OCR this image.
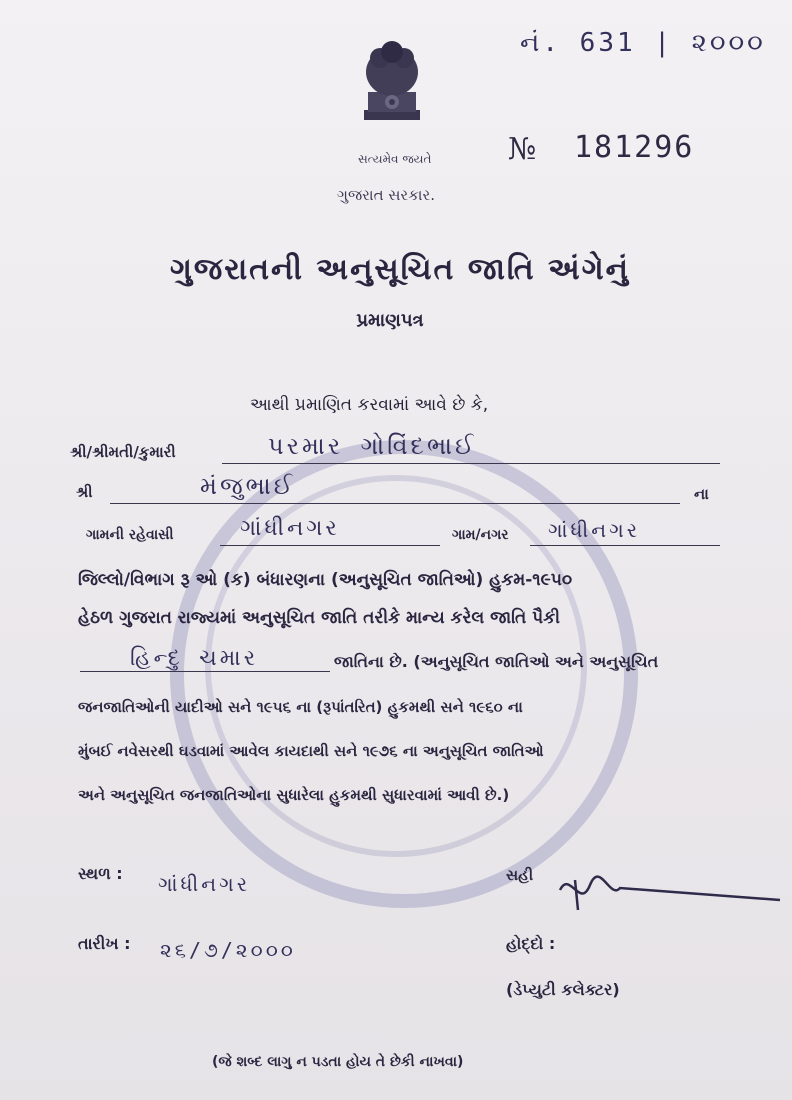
નં. 631 | ૨૦૦૦
સત્યમેવ જયતે
ગુજરાત સરકાર.
№ 181296
ગુજરાતની અનુસૂચિત જાતિ અંગેનું
પ્રમાણપત્ર
આથી પ્રમાણિત કરવામાં આવે છે કે,
શ્રી/શ્રીમતી/કુમારી	પરમાર ગોવિંદભાઈ
શ્રી	મંજુભાઈ	ના
ગામની રહેવાસી	ગાંધીનગર	ગામ/નગર ગાંધીનગર
જિલ્લો/વિભાગ રૂ ઓ (ક) બંધારણના (અનુસૂચિત જાતિઓ) હુકમ-૧૯૫૦
હેઠળ ગુજરાત રાજ્યમાં અનુસૂચિત જાતિ તરીકે માન્ય કરેલ જાતિ પૈકી
હિન્દુ ચમાર	જાતિના છે. (અનુસૂચિત જાતિઓ અને અનુસૂચિત
જનજાતિઓની યાદીઓ સને ૧૯૫૬ ના (રૂપાંતરિત) હુકમથી સને ૧૯૬૦ ના
મુંબઈ નવેસરથી ઘડવામાં આવેલ કાયદાથી સને ૧૯૭૬ ના અનુસૂચિત જાતિઓ
અને અનુસૂચિત જનજાતિઓના સુધારેલા હુકમથી સુધારવામાં આવી છે.)
સ્થળ : ગાંધીનગર	સહી
તારીખ : ૨૬/૭/૨૦૦૦	હોદ્દો :
(ડેપ્યુટી કલેક્ટર)
(જે શબ્દ લાગુ ન પડતા હોય તે છેકી નાખવા)
